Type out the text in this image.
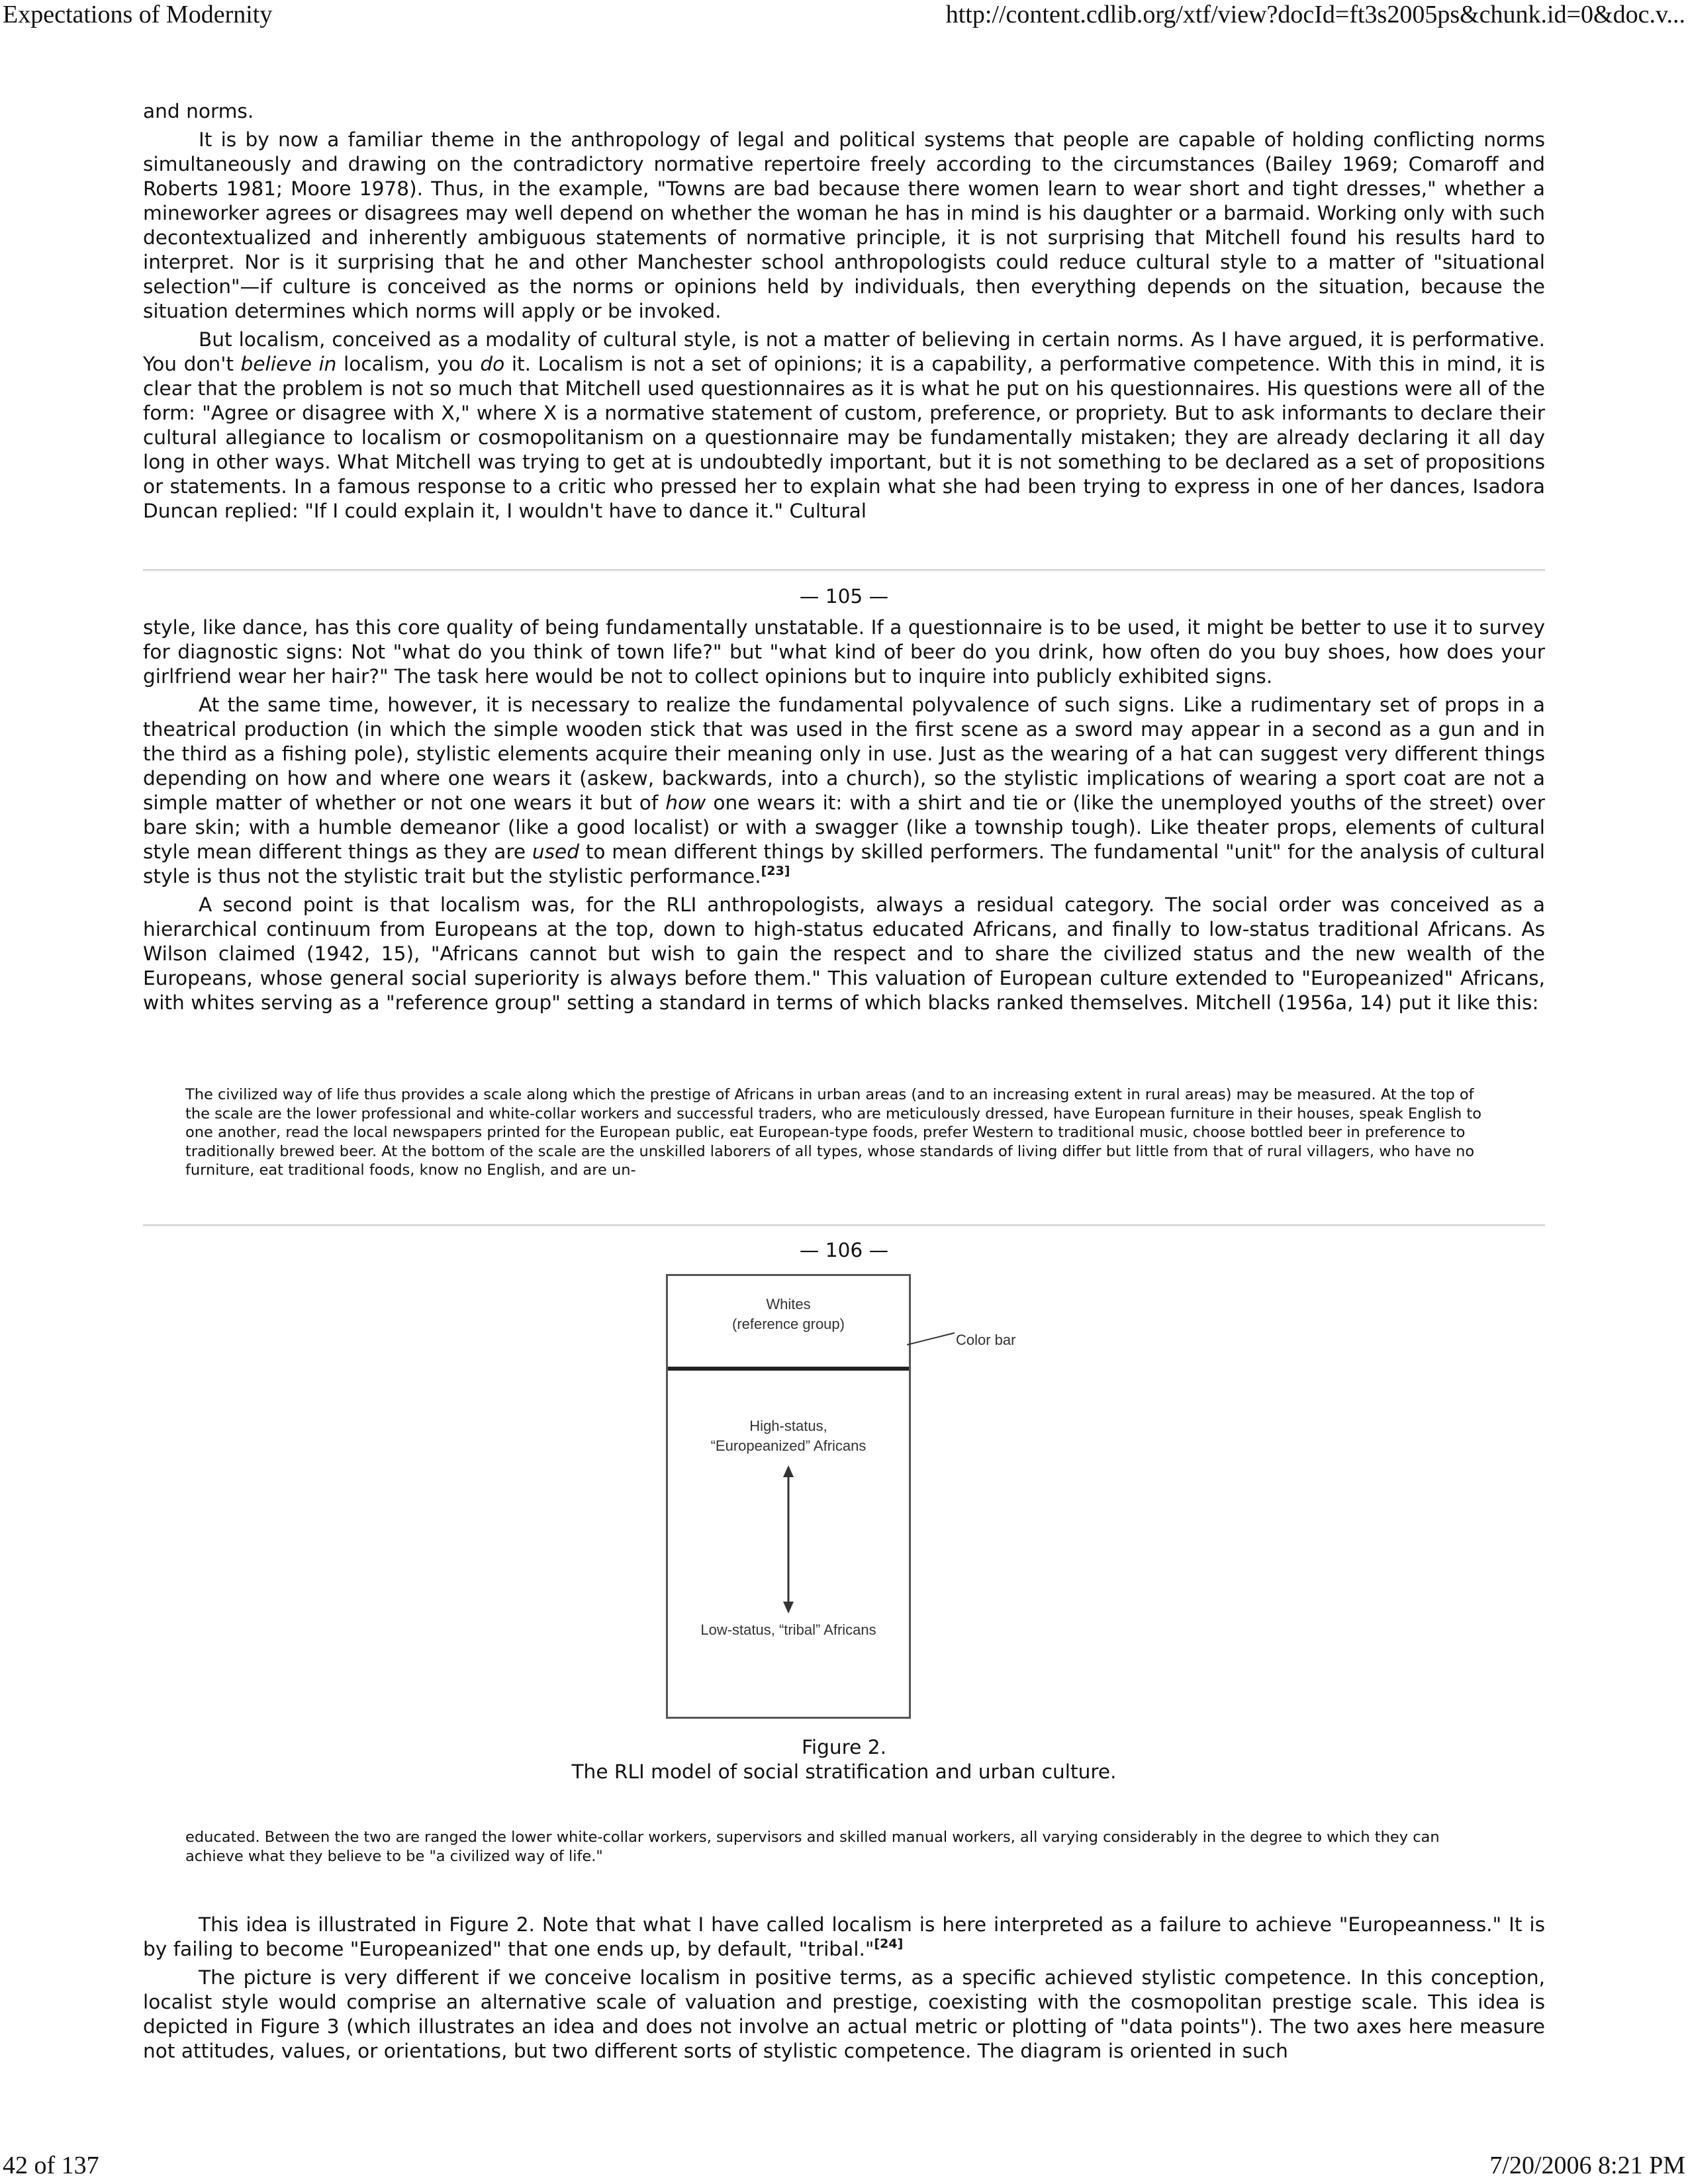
Expectations of Modernity	http://content.cdlib.org/xtf/view?docId=ft3s2005ps&chunk.id=0&doc.v...

and norms.

It is by now a familiar theme in the anthropology of legal and political systems that people are capable of holding conflicting norms simultaneously and drawing on the contradictory normative repertoire freely according to the circumstances (Bailey 1969; Comaroff and Roberts 1981; Moore 1978). Thus, in the example, "Towns are bad because there women learn to wear short and tight dresses," whether a mineworker agrees or disagrees may well depend on whether the woman he has in mind is his daughter or a barmaid. Working only with such decontextualized and inherently ambiguous statements of normative principle, it is not surprising that Mitchell found his results hard to interpret. Nor is it surprising that he and other Manchester school anthropologists could reduce cultural style to a matter of "situational selection"—if culture is conceived as the norms or opinions held by individuals, then everything depends on the situation, because the situation determines which norms will apply or be invoked.

But localism, conceived as a modality of cultural style, is not a matter of believing in certain norms. As I have argued, it is performative. You don't believe in localism, you do it. Localism is not a set of opinions; it is a capability, a performative competence. With this in mind, it is clear that the problem is not so much that Mitchell used questionnaires as it is what he put on his questionnaires. His questions were all of the form: "Agree or disagree with X," where X is a normative statement of custom, preference, or propriety. But to ask informants to declare their cultural allegiance to localism or cosmopolitanism on a questionnaire may be fundamentally mistaken; they are already declaring it all day long in other ways. What Mitchell was trying to get at is undoubtedly important, but it is not something to be declared as a set of propositions or statements. In a famous response to a critic who pressed her to explain what she had been trying to express in one of her dances, Isadora Duncan replied: "If I could explain it, I wouldn't have to dance it." Cultural

— 105 —

style, like dance, has this core quality of being fundamentally unstatable. If a questionnaire is to be used, it might be better to use it to survey for diagnostic signs: Not "what do you think of town life?" but "what kind of beer do you drink, how often do you buy shoes, how does your girlfriend wear her hair?" The task here would be not to collect opinions but to inquire into publicly exhibited signs.

At the same time, however, it is necessary to realize the fundamental polyvalence of such signs. Like a rudimentary set of props in a theatrical production (in which the simple wooden stick that was used in the first scene as a sword may appear in a second as a gun and in the third as a fishing pole), stylistic elements acquire their meaning only in use. Just as the wearing of a hat can suggest very different things depending on how and where one wears it (askew, backwards, into a church), so the stylistic implications of wearing a sport coat are not a simple matter of whether or not one wears it but of how one wears it: with a shirt and tie or (like the unemployed youths of the street) over bare skin; with a humble demeanor (like a good localist) or with a swagger (like a township tough). Like theater props, elements of cultural style mean different things as they are used to mean different things by skilled performers. The fundamental "unit" for the analysis of cultural style is thus not the stylistic trait but the stylistic performance.[23]

A second point is that localism was, for the RLI anthropologists, always a residual category. The social order was conceived as a hierarchical continuum from Europeans at the top, down to high-status educated Africans, and finally to low-status traditional Africans. As Wilson claimed (1942, 15), "Africans cannot but wish to gain the respect and to share the civilized status and the new wealth of the Europeans, whose general social superiority is always before them." This valuation of European culture extended to "Europeanized" Africans, with whites serving as a "reference group" setting a standard in terms of which blacks ranked themselves. Mitchell (1956a, 14) put it like this:

The civilized way of life thus provides a scale along which the prestige of Africans in urban areas (and to an increasing extent in rural areas) may be measured. At the top of the scale are the lower professional and white-collar workers and successful traders, who are meticulously dressed, have European furniture in their houses, speak English to one another, read the local newspapers printed for the European public, eat European-type foods, prefer Western to traditional music, choose bottled beer in preference to traditionally brewed beer. At the bottom of the scale are the unskilled laborers of all types, whose standards of living differ but little from that of rural villagers, who have no furniture, eat traditional foods, know no English, and are un-

— 106 —
Whites
(reference group)
High-status,
“Europeanized” Africans
Low-status, “tribal” Africans
Color bar
Figure 2.
The RLI model of social stratification and urban culture.

educated. Between the two are ranged the lower white-collar workers, supervisors and skilled manual workers, all varying considerably in the degree to which they can achieve what they believe to be "a civilized way of life."

This idea is illustrated in Figure 2. Note that what I have called localism is here interpreted as a failure to achieve "Europeanness." It is by failing to become "Europeanized" that one ends up, by default, "tribal."[24]

The picture is very different if we conceive localism in positive terms, as a specific achieved stylistic competence. In this conception, localist style would comprise an alternative scale of valuation and prestige, coexisting with the cosmopolitan prestige scale. This idea is depicted in Figure 3 (which illustrates an idea and does not involve an actual metric or plotting of "data points"). The two axes here measure not attitudes, values, or orientations, but two different sorts of stylistic competence. The diagram is oriented in such

42 of 137	7/20/2006 8:21 PM
